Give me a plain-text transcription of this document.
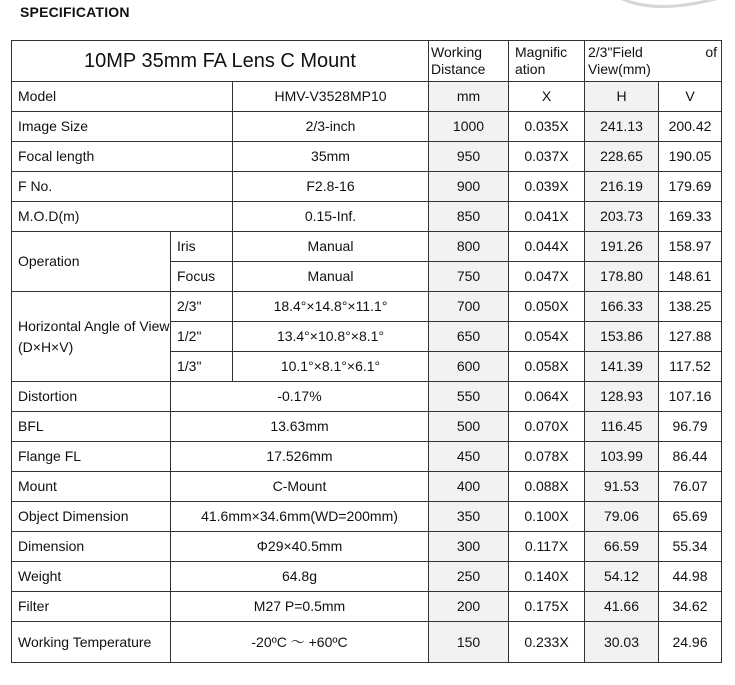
SPECIFICATION
10MP 35mm FA Lens C Mount			Working Distance	Magnific ation	2/3"Field of
View(mm)	

Model		HMV-V3528MP10	mm	X	H	V
Image Size		2/3-inch	1000	0.035X	241.13	200.42
Focal length		35mm	950	0.037X	228.65	190.05
F No.		F2.8-16	900	0.039X	216.19	179.69
M.O.D(m)		0.15-Inf.	850	0.041X	203.73	169.33
Operation	Iris	Manual	800	0.044X	191.26	158.97
	Focus	Manual	750	0.047X	178.80	148.61
Horizontal Angle of View (D×H×V)	2/3"	18.4°×14.8°×11.1°	700	0.050X	166.33	138.25
	1/2"	13.4°×10.8°×8.1°	650	0.054X	153.86	127.88
	1/3"	10.1°×8.1°×6.1°	600	0.058X	141.39	117.52
Distortion	-0.17%		550	0.064X	128.93	107.16
BFL	13.63mm		500	0.070X	116.45	96.79
Flange FL	17.526mm		450	0.078X	103.99	86.44
Mount	C-Mount		400	0.088X	91.53	76.07
Object Dimension	41.6mm×34.6mm(WD=200mm)		350	0.100X	79.06	65.69
Dimension	Φ29×40.5mm		300	0.117X	66.59	55.34
Weight	64.8g		250	0.140X	54.12	44.98
Filter	M27 P=0.5mm		200	0.175X	41.66	34.62
Working Temperature	-20ºC ～ +60ºC		150	0.233X	30.03	24.96
